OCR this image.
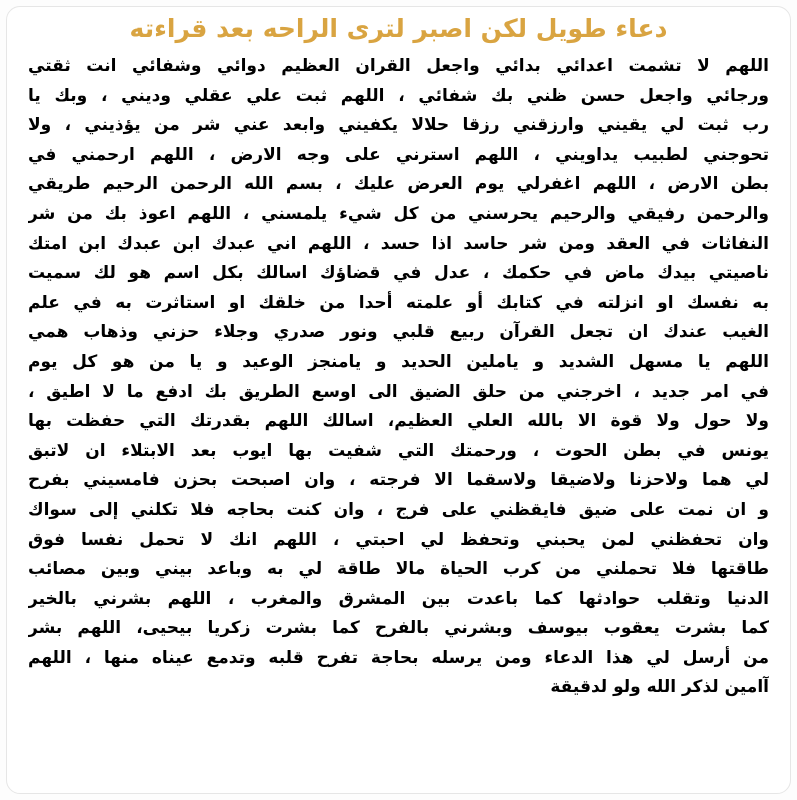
دعاء طويل لكن اصبر لترى الراحه بعد قراءته
اللهم لا تشمت اعدائي بدائي واجعل القران العظيم دوائي وشفائي انت ثقتي
ورجائي واجعل حسن ظني بك شفائي ، اللهم ثبت علي عقلي وديني ، وبك يا
رب ثبت لي يقيني وارزقني رزقا حلالا يكفيني وابعد عني شر من يؤذيني ، ولا
تحوجني لطبيب يداويني ، اللهم استرني على وجه الارض ، اللهم ارحمني في
بطن الارض ، اللهم اغفرلي يوم العرض عليك ، بسم الله الرحمن الرحيم طريقي
والرحمن رفيقي والرحيم يحرسني من كل شيء يلمسني ، اللهم اعوذ بك من شر
النفاثات في العقد ومن شر حاسد اذا حسد ، اللهم اني عبدك ابن عبدك ابن امتك
ناصيتي بيدك ماض في حكمك ، عدل في قضاؤك اسالك بكل اسم هو لك سميت
به نفسك او انزلته في كتابك أو علمته أحدا من خلقك او استاثرت به في علم
الغيب عندك ان تجعل القرآن ربيع قلبي ونور صدري وجلاء حزني وذهاب همي
اللهم يا مسهل الشديد و ياملين الحديد و يامنجز الوعيد و يا من هو كل يوم
في امر جديد ، اخرجني من حلق الضيق الى اوسع الطريق بك ادفع ما لا اطيق ،
ولا حول ولا قوة الا بالله العلي العظيم، اسالك اللهم بقدرتك التي حفظت بها
يونس في بطن الحوت ، ورحمتك التي شفيت بها ايوب بعد الابتلاء ان لاتبق
لي هما ولاحزنا ولاضيقا ولاسقما الا فرجته ، وان اصبحت بحزن فامسيني بفرح
و ان نمت على ضيق فايقظني على فرج ، وان كنت بحاجه فلا تكلني إلى سواك
وان تحفظني لمن يحبني وتحفظ لي احبتي ، اللهم انك لا تحمل نفسا فوق
طاقتها فلا تحملني من كرب الحياة مالا طاقة لي به وباعد بيني وبين مصائب
الدنيا وتقلب حوادثها كما باعدت بين المشرق والمغرب ، اللهم بشرني بالخير
كما بشرت يعقوب بيوسف وبشرني بالفرح كما بشرت زكريا بيحيى، اللهم بشر
من أرسل لي هذا الدعاء ومن يرسله بحاجة تفرح قلبه وتدمع عيناه منها ، اللهم
آامين لذكر الله ولو لدقيقة
